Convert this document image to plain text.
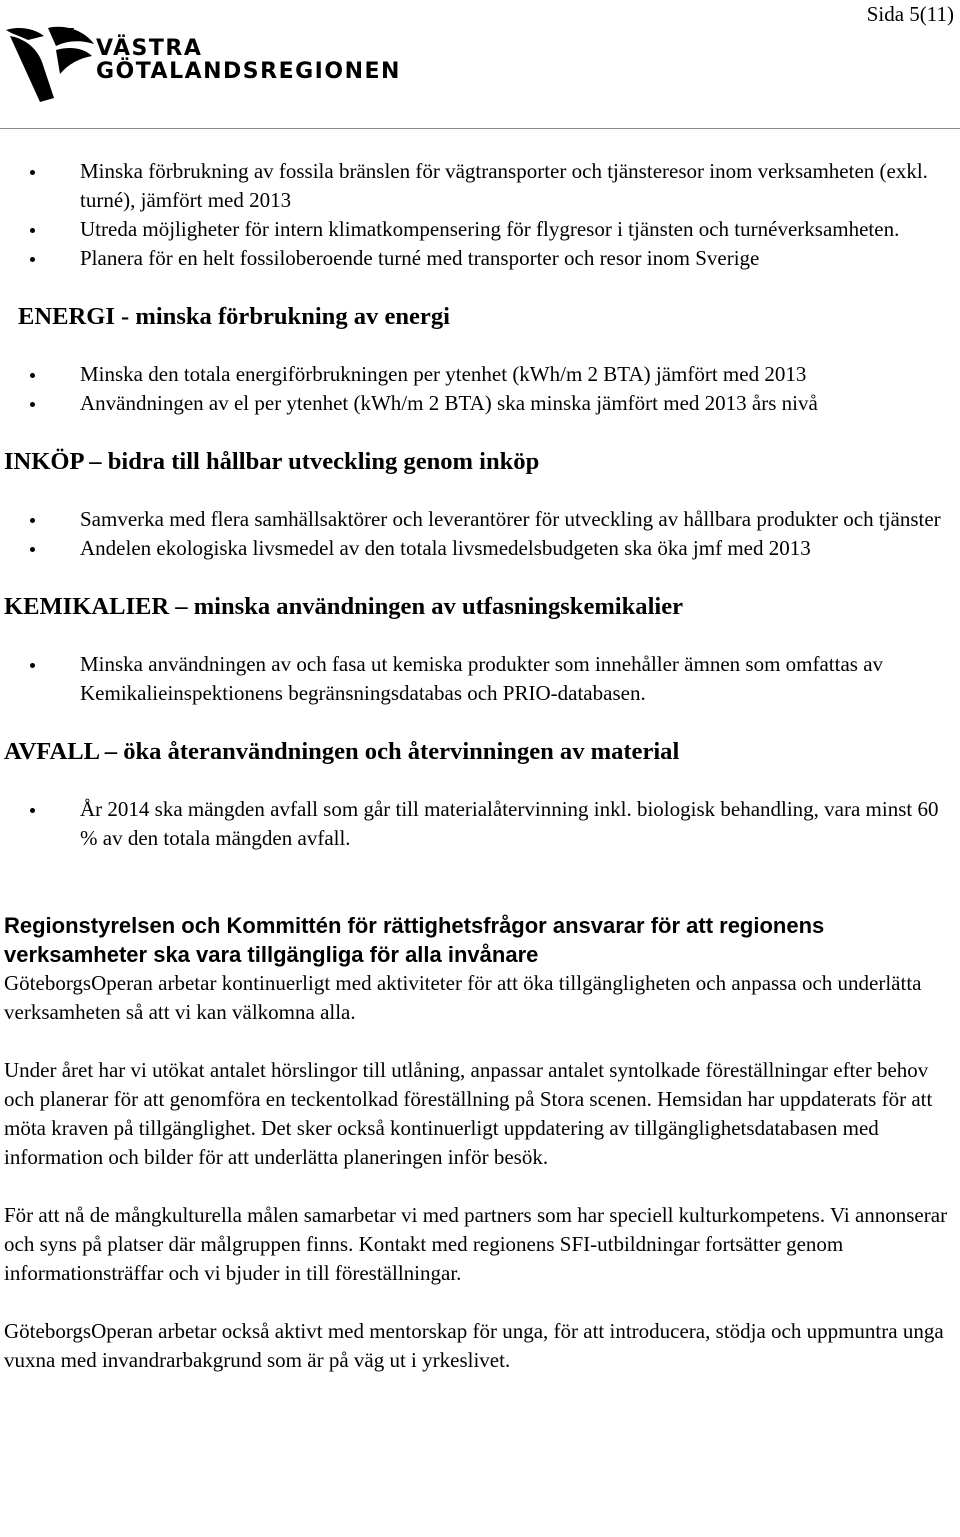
VÄSTRA
GÖTALANDSREGIONEN
Sida 5(11)
Minska förbrukning av fossila bränslen för vägtransporter och tjänsteresor inom verksamheten (exkl. turné), jämfört med 2013
Utreda möjligheter för intern klimatkompensering för flygresor i tjänsten och turnéverksamheten.
Planera för en helt fossiloberoende turné med transporter och resor inom Sverige
ENERGI - minska förbrukning av energi
Minska den totala energiförbrukningen per ytenhet (kWh/m 2 BTA) jämfört med 2013
Användningen av el per ytenhet (kWh/m 2 BTA) ska minska jämfört med 2013 års nivå
INKÖP – bidra till hållbar utveckling genom inköp
Samverka med flera samhällsaktörer och leverantörer för utveckling av hållbara produkter och tjänster
Andelen ekologiska livsmedel av den totala livsmedelsbudgeten ska öka jmf med 2013
KEMIKALIER – minska användningen av utfasningskemikalier
Minska användningen av och fasa ut kemiska produkter som innehåller ämnen som omfattas av Kemikalieinspektionens begränsningsdatabas och PRIO-databasen.
AVFALL – öka återanvändningen och återvinningen av material
År 2014 ska mängden avfall som går till materialåtervinning inkl. biologisk behandling, vara minst 60 % av den totala mängden avfall.
Regionstyrelsen och Kommittén för rättighetsfrågor ansvarar för att regionens verksamheter ska vara tillgängliga för alla invånare

GöteborgsOperan arbetar kontinuerligt med aktiviteter för att öka tillgängligheten och anpassa och underlätta verksamheten så att vi kan välkomna alla.

Under året har vi utökat antalet hörslingor till utlåning, anpassar antalet syntolkade föreställningar efter behov och planerar för att genomföra en teckentolkad föreställning på Stora scenen. Hemsidan har uppdaterats för att möta kraven på tillgänglighet. Det sker också kontinuerligt uppdatering av tillgänglighetsdatabasen med information och bilder för att underlätta planeringen inför besök.

För att nå de mångkulturella målen samarbetar vi med partners som har speciell kulturkompetens. Vi annonserar och syns på platser där målgruppen finns. Kontakt med regionens SFI-utbildningar fortsätter genom informationsträffar och vi bjuder in till föreställningar.

GöteborgsOperan arbetar också aktivt med mentorskap för unga, för att introducera, stödja och uppmuntra unga vuxna med invandrarbakgrund som är på väg ut i yrkeslivet.
